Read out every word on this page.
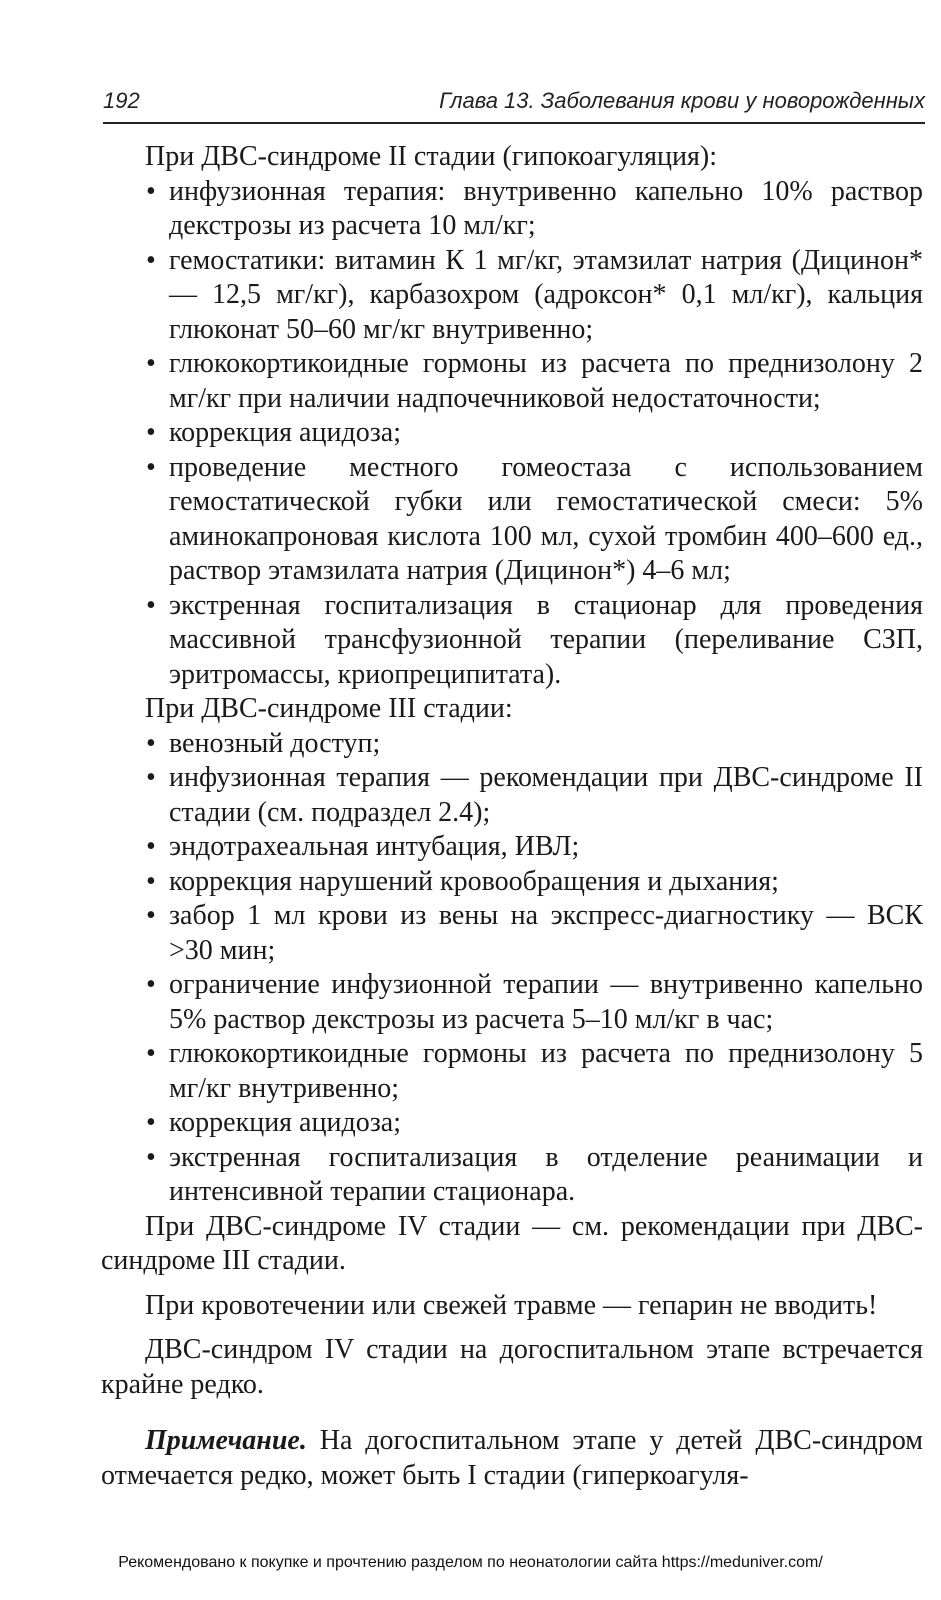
192	Глава 13. Заболевания крови у новорожденных

При ДВС-синдроме II стадии (гипокоагуляция):

• инфузионная терапия: внутривенно капельно 10% раствор декстрозы из расчета 10 мл/кг;
• гемостатики: витамин К 1 мг/кг, этамзилат натрия (Дицинон* — 12,5 мг/кг), карбазохром (адроксон* 0,1 мл/кг), кальция глюконат 50–60 мг/кг внутривенно;
• глюкокортикоидные гормоны из расчета по преднизолону 2 мг/кг при наличии надпочечниковой недостаточности;
• коррекция ацидоза;
• проведение местного гомеостаза с использованием гемостатической губки или гемостатической смеси: 5% аминокапроновая кислота 100 мл, сухой тромбин 400–600 ед., раствор этамзилата натрия (Дицинон*) 4–6 мл;
• экстренная госпитализация в стационар для проведения массивной трансфузионной терапии (переливание СЗП, эритромассы, криопреципитата).

При ДВС-синдроме III стадии:

• венозный доступ;
• инфузионная терапия — рекомендации при ДВС-синдроме II стадии (см. подраздел 2.4);
• эндотрахеальная интубация, ИВЛ;
• коррекция нарушений кровообращения и дыхания;
• забор 1 мл крови из вены на экспресс-диагностику — ВСК >30 мин;
• ограничение инфузионной терапии — внутривенно капельно 5% раствор декстрозы из расчета 5–10 мл/кг в час;
• глюкокортикоидные гормоны из расчета по преднизолону 5 мг/кг внутривенно;
• коррекция ацидоза;
• экстренная госпитализация в отделение реанимации и интенсивной терапии стационара.

При ДВС-синдроме IV стадии — см. рекомендации при ДВС-синдроме III стадии.

При кровотечении или свежей травме — гепарин не вводить!

ДВС-синдром IV стадии на догоспитальном этапе встречается крайне редко.

Примечание. На догоспитальном этапе у детей ДВС-синдром отмечается редко, может быть I стадии (гиперкоагуля-

Рекомендовано к покупке и прочтению разделом по неонатологии сайта https://meduniver.com/
